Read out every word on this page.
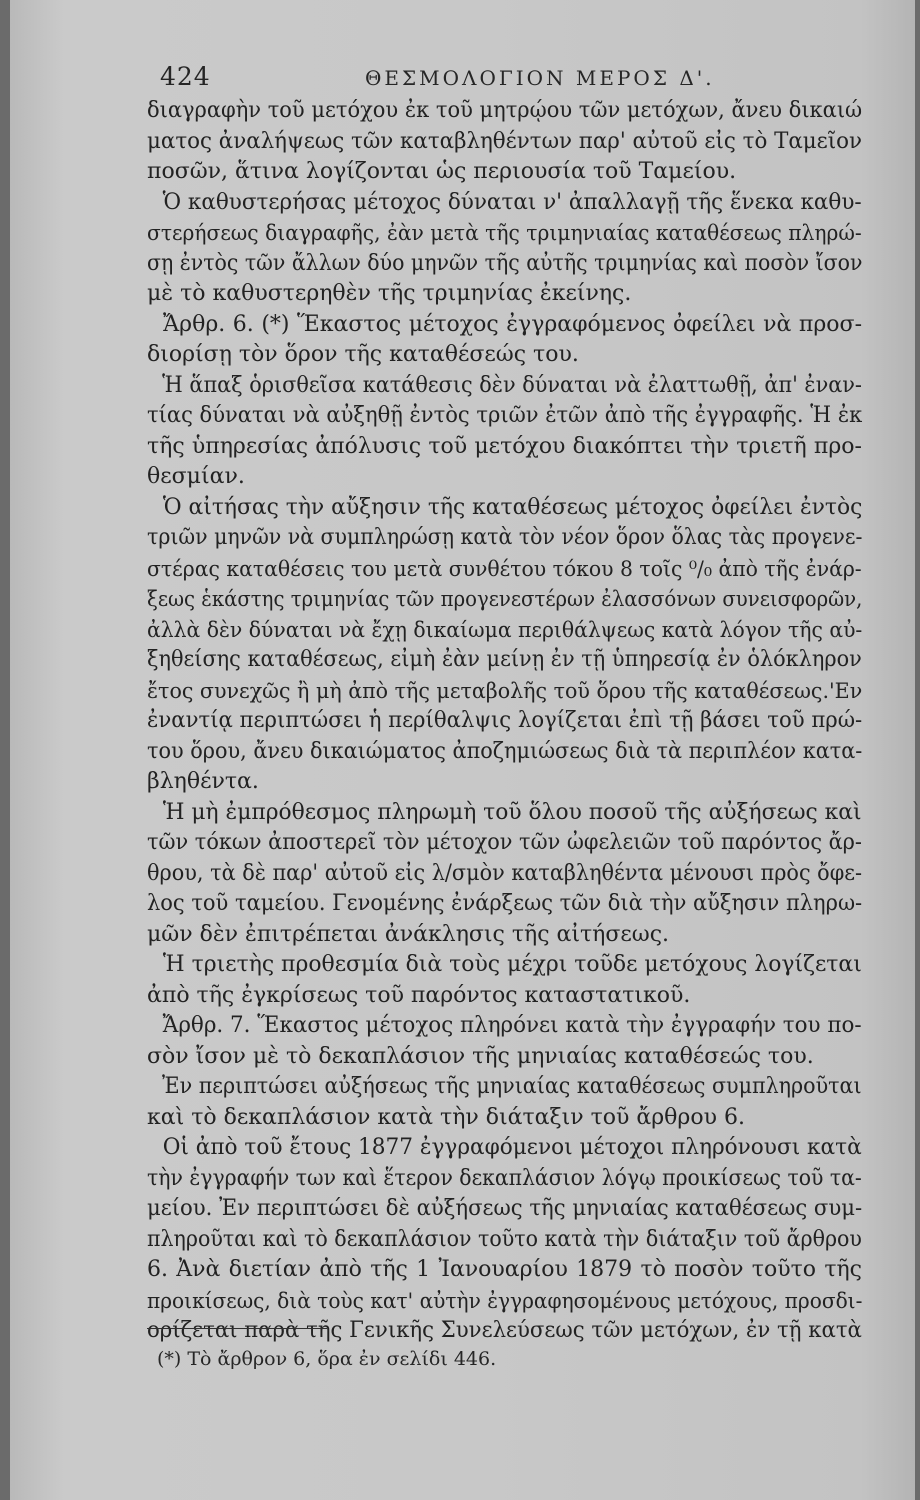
424	ΘΕΣΜΟΛΟΓΙΟΝ ΜΕΡΟΣ Δ'.
διαγραφὴν τοῦ μετόχου ἐκ τοῦ μητρῴου τῶν μετόχων, ἄνευ δικαιώ
ματος ἀναλήψεως τῶν καταβληθέντων παρ' αὐτοῦ εἰς τὸ Ταμεῖον
ποσῶν, ἅτινα λογίζονται ὡς περιουσία τοῦ Ταμείου.
Ὁ καθυστερήσας μέτοχος δύναται ν' ἀπαλλαγῇ τῆς ἕνεκα καθυ-
στερήσεως διαγραφῆς, ἐὰν μετὰ τῆς τριμηνιαίας καταθέσεως πληρώ-
σῃ ἐντὸς τῶν ἄλλων δύο μηνῶν τῆς αὐτῆς τριμηνίας καὶ ποσὸν ἴσον
μὲ τὸ καθυστερηθὲν τῆς τριμηνίας ἐκείνης.
Ἄρθρ. 6. (*) Ἕκαστος μέτοχος ἐγγραφόμενος ὀφείλει νὰ προσ-
διορίσῃ τὸν ὅρον τῆς καταθέσεώς του.
Ἡ ἅπαξ ὁρισθεῖσα κατάθεσις δὲν δύναται νὰ ἐλαττωθῇ, ἀπ' ἐναν-
τίας δύναται νὰ αὐξηθῇ ἐντὸς τριῶν ἐτῶν ἀπὸ τῆς ἐγγραφῆς. Ἡ ἐκ
τῆς ὑπηρεσίας ἀπόλυσις τοῦ μετόχου διακόπτει τὴν τριετῆ προ-
θεσμίαν.
Ὁ αἰτήσας τὴν αὔξησιν τῆς καταθέσεως μέτοχος ὀφείλει ἐντὸς
τριῶν μηνῶν νὰ συμπληρώσῃ κατὰ τὸν νέον ὅρον ὅλας τὰς προγενε-
στέρας καταθέσεις του μετὰ συνθέτου τόκου 8 τοῖς ⁰/₀ ἀπὸ τῆς ἐνάρ-
ξεως ἑκάστης τριμηνίας τῶν προγενεστέρων ἐλασσόνων συνεισφορῶν,
ἀλλὰ δὲν δύναται νὰ ἔχῃ δικαίωμα περιθάλψεως κατὰ λόγον τῆς αὐ-
ξηθείσης καταθέσεως, εἰμὴ ἐὰν μείνῃ ἐν τῇ ὑπηρεσίᾳ ἐν ὁλόκληρον
ἔτος συνεχῶς ἢ μὴ ἀπὸ τῆς μεταβολῆς τοῦ ὅρου τῆς καταθέσεως.'Εν
ἐναντίᾳ περιπτώσει ἡ περίθαλψις λογίζεται ἐπὶ τῇ βάσει τοῦ πρώ-
του ὅρου, ἄνευ δικαιώματος ἀποζημιώσεως διὰ τὰ περιπλέον κατα-
βληθέντα.
Ἡ μὴ ἐμπρόθεσμος πληρωμὴ τοῦ ὅλου ποσοῦ τῆς αὐξήσεως καὶ
τῶν τόκων ἀποστερεῖ τὸν μέτοχον τῶν ὠφελειῶν τοῦ παρόντος ἄρ-
θρου, τὰ δὲ παρ' αὐτοῦ εἰς λ/σμὸν καταβληθέντα μένουσι πρὸς ὄφε-
λος τοῦ ταμείου. Γενομένης ἐνάρξεως τῶν διὰ τὴν αὔξησιν πληρω-
μῶν δὲν ἐπιτρέπεται ἀνάκλησις τῆς αἰτήσεως.
Ἡ τριετὴς προθεσμία διὰ τοὺς μέχρι τοῦδε μετόχους λογίζεται
ἀπὸ τῆς ἐγκρίσεως τοῦ παρόντος καταστατικοῦ.
Ἄρθρ. 7. Ἕκαστος μέτοχος πληρόνει κατὰ τὴν ἐγγραφήν του πο-
σὸν ἴσον μὲ τὸ δεκαπλάσιον τῆς μηνιαίας καταθέσεώς του.
Ἐν περιπτώσει αὐξήσεως τῆς μηνιαίας καταθέσεως συμπληροῦται
καὶ τὸ δεκαπλάσιον κατὰ τὴν διάταξιν τοῦ ἄρθρου 6.
Οἱ ἀπὸ τοῦ ἔτους 1877 ἐγγραφόμενοι μέτοχοι πληρόνουσι κατὰ
τὴν ἐγγραφήν των καὶ ἕτερον δεκαπλάσιον λόγῳ προικίσεως τοῦ τα-
μείου. Ἐν περιπτώσει δὲ αὐξήσεως τῆς μηνιαίας καταθέσεως συμ-
πληροῦται καὶ τὸ δεκαπλάσιον τοῦτο κατὰ τὴν διάταξιν τοῦ ἄρθρου
6. Ἀνὰ διετίαν ἀπὸ τῆς 1 Ἰανουαρίου 1879 τὸ ποσὸν τοῦτο τῆς
προικίσεως, διὰ τοὺς κατ' αὐτὴν ἐγγραφησομένους μετόχους, προσδι-
ορίζεται παρὰ τῆς Γενικῆς Συνελεύσεως τῶν μετόχων, ἐν τῇ κατὰ
(*) Τὸ ἄρθρον 6, ὅρα ἐν σελίδι 446.
